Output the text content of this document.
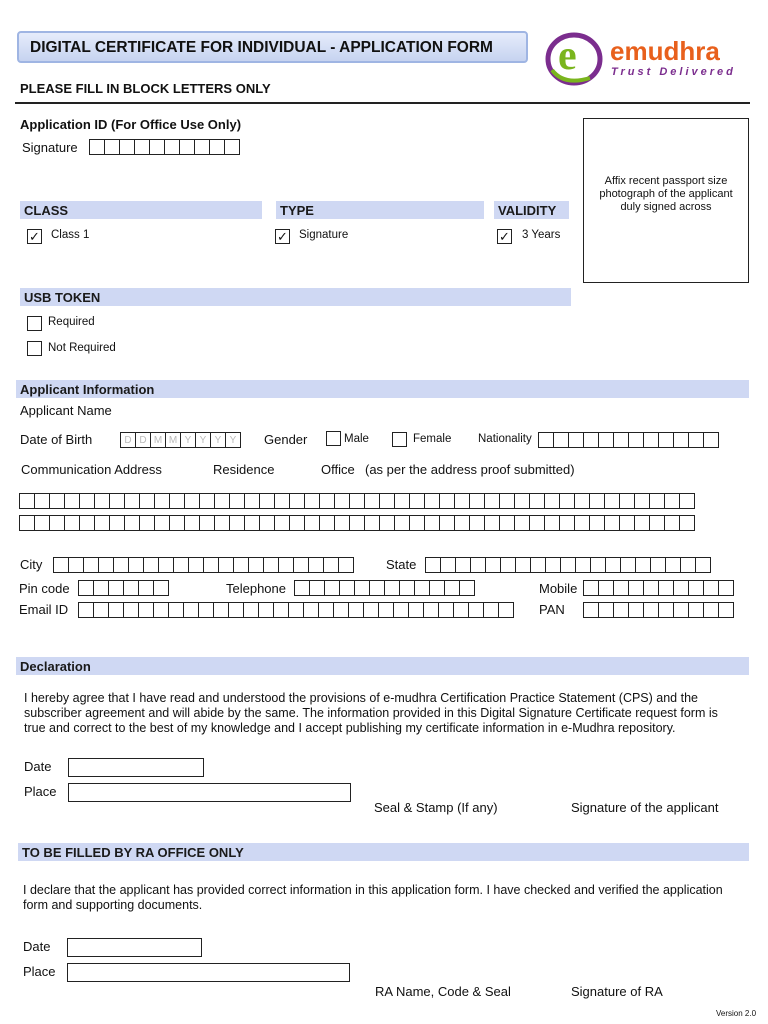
DIGITAL CERTIFICATE FOR INDIVIDUAL - APPLICATION FORM e emudhra
Trust Delivered
PLEASE FILL IN BLOCK LETTERS ONLY
Application ID (For Office Use Only)
Signature
Affix recent passport size photograph of the applicant duly signed across
CLASS	TYPE	VALIDITY
✓ Class 1	✓ Signature	✓ 3 Years
USB TOKEN
Required
Not Required
Applicant Information
Applicant Name
Date of Birth	D D M M Y Y Y Y	Gender	Male	Female Nationality
Communication Address	Residence	Office (as per the address proof submitted)
City	State
Pin code	Telephone	Mobile
Email ID	PAN
Declaration
I hereby agree that I have read and understood the provisions of e-mudhra Certification Practice Statement (CPS) and the subscriber agreement and will abide by the same. The information provided in this Digital Signature Certificate request form is true and correct to the best of my knowledge and I accept publishing my certificate information in e-Mudhra repository.
Date
Place
Seal & Stamp (If any)	Signature of the applicant
TO BE FILLED BY RA OFFICE ONLY
I declare that the applicant has provided correct information in this application form. I have checked and verified the application form and supporting documents.
Date
Place
RA Name, Code & Seal	Signature of RA
Version 2.0
